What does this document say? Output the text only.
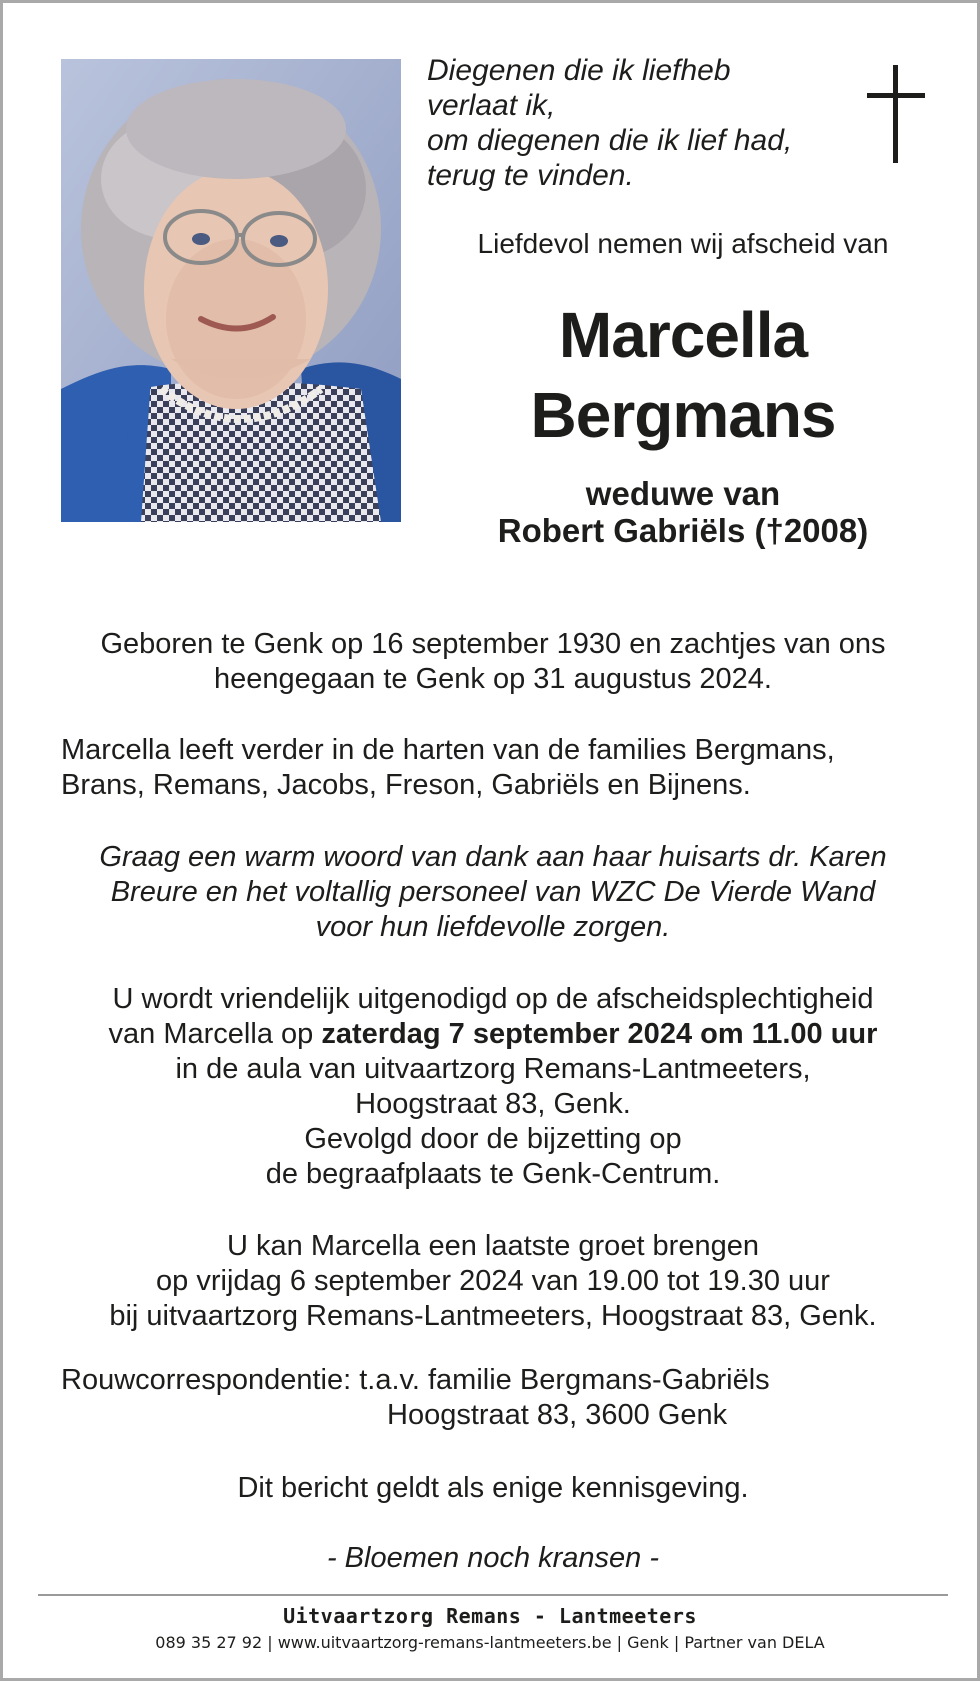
Diegenen die ik liefheb
verlaat ik,
om diegenen die ik lief had,
terug te vinden.
Liefdevol nemen wij afscheid van
Marcella
Bergmans
weduwe van
Robert Gabriëls (†2008)
Geboren te Genk op 16 september 1930 en zachtjes van ons
heengegaan te Genk op 31 augustus 2024.
Marcella leeft verder in de harten van de families Bergmans,
Brans, Remans, Jacobs, Freson, Gabriëls en Bijnens.
Graag een warm woord van dank aan haar huisarts dr. Karen
Breure en het voltallig personeel van WZC De Vierde Wand
voor hun liefdevolle zorgen.
U wordt vriendelijk uitgenodigd op de afscheidsplechtigheid
van Marcella op zaterdag 7 september 2024 om 11.00 uur
in de aula van uitvaartzorg Remans-Lantmeeters,
Hoogstraat 83, Genk.
Gevolgd door de bijzetting op
de begraafplaats te Genk-Centrum.
U kan Marcella een laatste groet brengen
op vrijdag 6 september 2024 van 19.00 tot 19.30 uur
bij uitvaartzorg Remans-Lantmeeters, Hoogstraat 83, Genk.
Rouwcorrespondentie: t.a.v. familie Bergmans-Gabriëls
Hoogstraat 83, 3600 Genk
Dit bericht geldt als enige kennisgeving.
- Bloemen noch kransen -
Uitvaartzorg Remans - Lantmeeters
089 35 27 92 | www.uitvaartzorg-remans-lantmeeters.be | Genk | Partner van DELA
